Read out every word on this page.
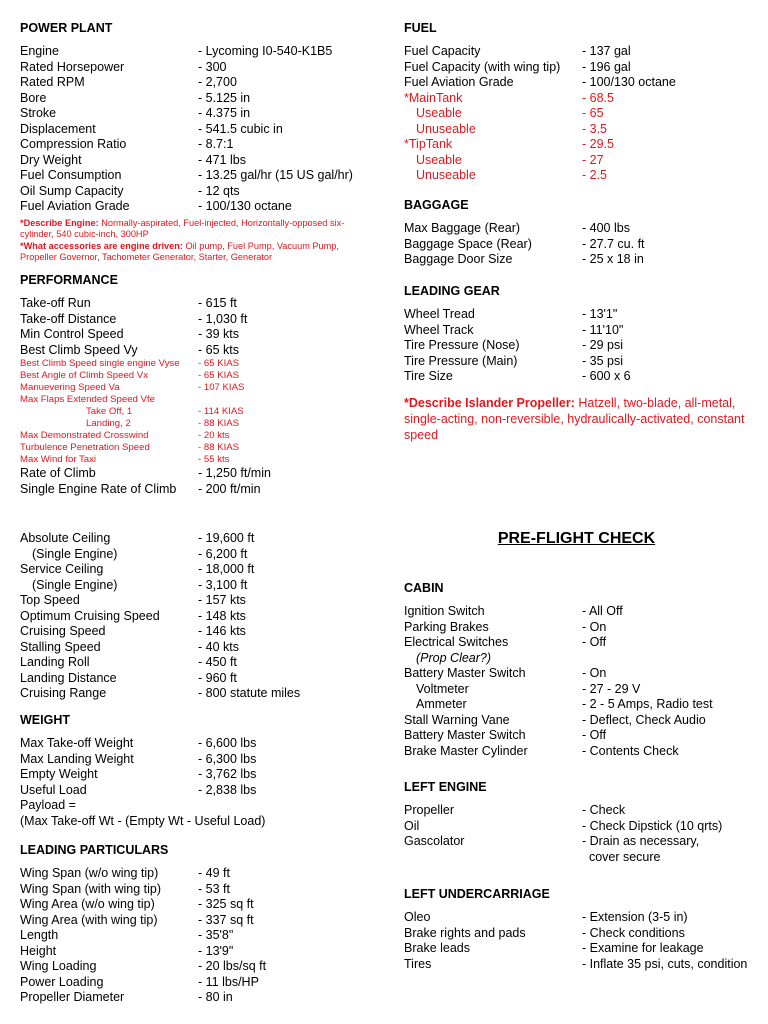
POWER PLANT
Engine	- Lycoming I0-540-K1B5
Rated Horsepower	- 300
Rated RPM	- 2,700
Bore	- 5.125 in
Stroke	- 4.375 in
Displacement	- 541.5 cubic in
Compression Ratio	- 8.7:1
Dry Weight	- 471 lbs
Fuel Consumption	- 13.25 gal/hr (15 US gal/hr)
Oil Sump Capacity	- 12 qts
Fuel Aviation Grade	- 100/130 octane
*Describe Engine: Normally-aspirated, Fuel-injected, Horizontally-opposed six-cylinder, 540 cubic-inch, 300HP
*What accessories are engine driven: Oil pump, Fuel Pump, Vacuum Pump, Propeller Governor, Tachometer Generator, Starter, Generator
PERFORMANCE
Take-off Run	- 615 ft
Take-off Distance	- 1,030 ft
Min Control Speed	- 39 kts
Best Climb Speed Vy	- 65 kts
Best Climb Speed single engine Vyse	- 65 KIAS
Best Angle of Climb Speed Vx	- 65 KIAS
Manuevering Speed Va	- 107 KIAS
Max Flaps Extended Speed Vfe
Take Off, 1	- 114 KIAS
Landing, 2	- 88 KIAS
Max Demonstrated Crosswind	- 20 kts
Turbulence Penetration Speed	- 88 KIAS
Max Wind for Taxi	- 55 kts
Rate of Climb	- 1,250 ft/min
Single Engine Rate of Climb	- 200 ft/min
Absolute Ceiling	- 19,600 ft
(Single Engine)	- 6,200 ft
Service Ceiling	- 18,000 ft
(Single Engine)	- 3,100 ft
Top Speed	- 157 kts
Optimum Cruising Speed	- 148 kts
Cruising Speed	- 146 kts
Stalling Speed	- 40 kts
Landing Roll	- 450 ft
Landing Distance	- 960 ft
Cruising Range	- 800 statute miles
WEIGHT
Max Take-off Weight	- 6,600 lbs
Max Landing Weight	- 6,300 lbs
Empty Weight	- 3,762 lbs
Useful Load	- 2,838 lbs
Payload =
(Max Take-off Wt - (Empty Wt - Useful Load)
LEADING PARTICULARS
Wing Span (w/o wing tip)	- 49 ft
Wing Span (with wing tip)	- 53 ft
Wing Area (w/o wing tip)	- 325 sq ft
Wing Area (with wing tip)	- 337 sq ft
Length	- 35'8"
Height	- 13'9"
Wing Loading	- 20 lbs/sq ft
Power Loading	- 11 lbs/HP
Propeller Diameter	- 80 in
FUEL
Fuel Capacity	- 137 gal
Fuel Capacity (with wing tip)	- 196 gal
Fuel Aviation Grade	- 100/130 octane
*MainTank	- 68.5
Useable	- 65
Unuseable	- 3.5
*TipTank	- 29.5
Useable	- 27
Unuseable	- 2.5
BAGGAGE
Max Baggage (Rear)	- 400 lbs
Baggage Space (Rear)	- 27.7 cu. ft
Baggage Door Size	- 25 x 18 in
LEADING GEAR
Wheel Tread	- 13'1"
Wheel Track	- 11'10"
Tire Pressure (Nose)	- 29 psi
Tire Pressure (Main)	- 35 psi
Tire Size	- 600 x 6
*Describe Islander Propeller: Hatzell, two-blade, all-metal, single-acting, non-reversible, hydraulically-activated, constant speed
PRE-FLIGHT CHECK
CABIN
Ignition Switch	- All Off
Parking Brakes	- On
Electrical Switches	- Off
(Prop Clear?)
Battery Master Switch	- On
Voltmeter	- 27 - 29 V
Ammeter	- 2 - 5 Amps, Radio test
Stall Warning Vane	- Deflect, Check Audio
Battery Master Switch	- Off
Brake Master Cylinder	- Contents Check
LEFT ENGINE
Propeller	- Check
Oil	- Check Dipstick (10 qrts)
Gascolator	- Drain as necessary,
cover secure
LEFT UNDERCARRIAGE
Oleo	- Extension (3-5 in)
Brake rights and pads	- Check conditions
Brake leads	- Examine for leakage
Tires	- Inflate 35 psi, cuts, condition
